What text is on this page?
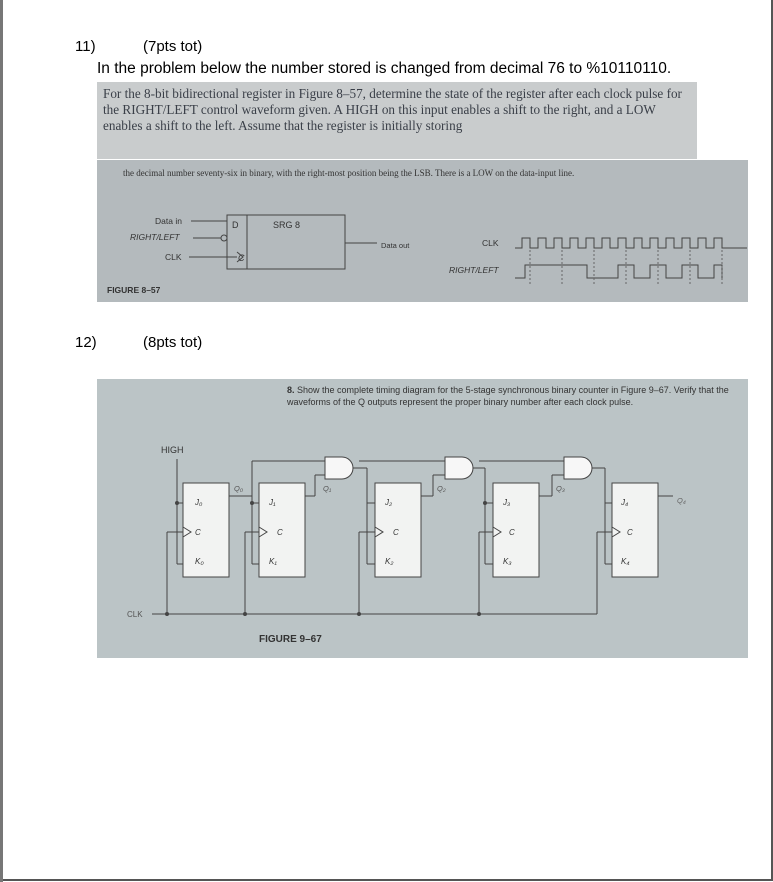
11)	(7pts tot)
In the problem below the number stored is changed from decimal 76 to %10110110.

For the 8-bit bidirectional register in Figure 8–57, determine the state of the register after each clock pulse for the RIGHT/LEFT control waveform given. A HIGH on this input enables a shift to the right, and a LOW enables a shift to the left. Assume that the register is initially storing

the decimal number seventy-six in binary, with the right-most position being the LSB. There is a LOW on the data-input line.
D	SRG 8
C
Data in
RIGHT/LEFT
CLK
Data out	CLK
RIGHT/LEFT
FIGURE 8–57
12)	(8pts tot)
8. Show the complete timing diagram for the 5-stage synchronous binary counter in Figure 9–67. Verify that the waveforms of the Q outputs represent the proper binary number after each clock pulse.
HIGH
CLK
J₀
K₀
C
Q₀
J₁
K₁
C
Q₁
J₂
K₂
C
Q₂
J₃
K₃
C
Q₃
J₄
K₄
C
Q₄
FIGURE 9–67
